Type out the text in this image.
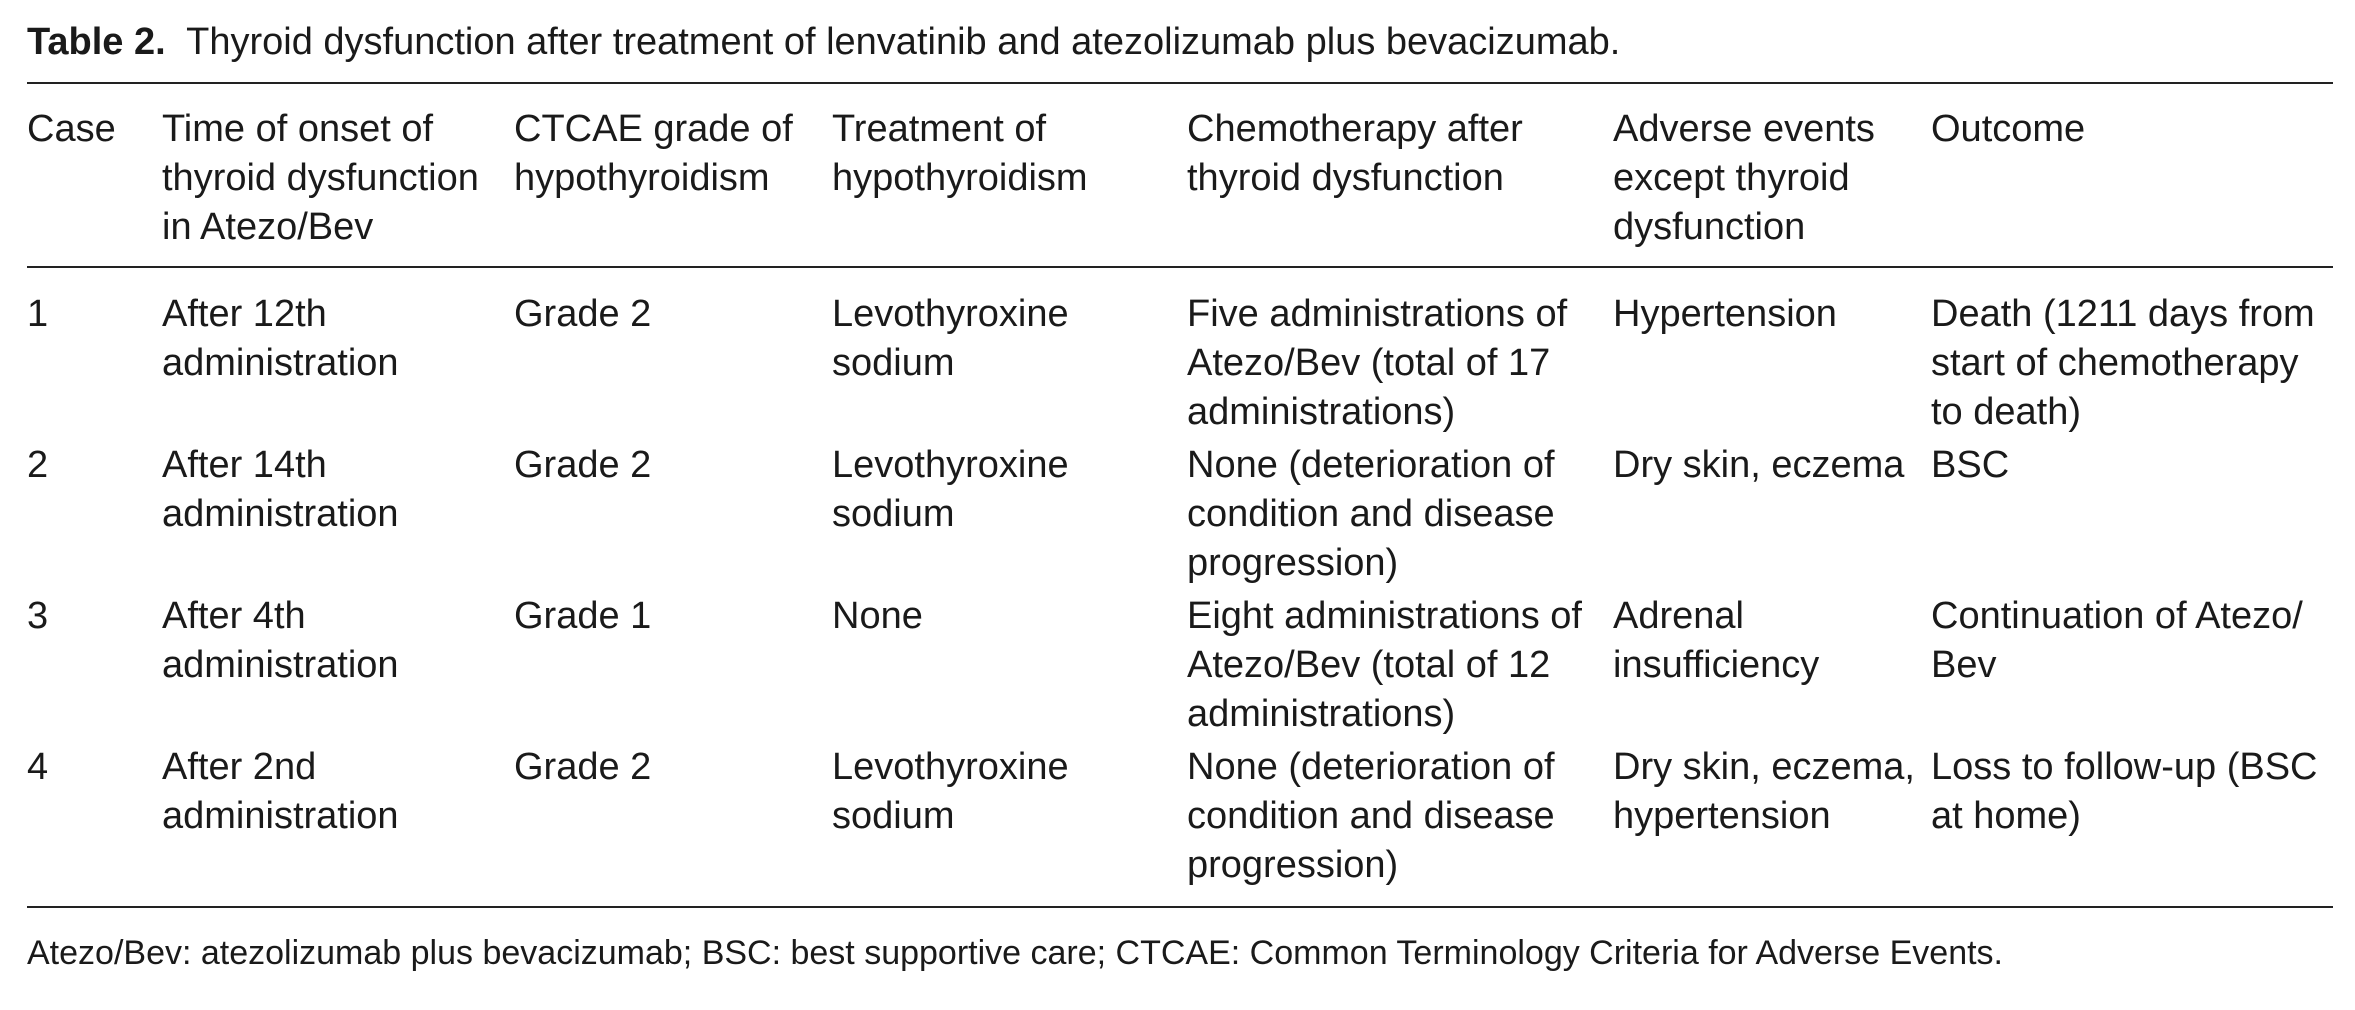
Table 2. Thyroid dysfunction after treatment of lenvatinib and atezolizumab plus bevacizumab.

Case	Time of onset of thyroid dysfunction in Atezo/Bev	CTCAE grade of hypothyroidism	Treatment of hypothyroidism	Chemotherapy after thyroid dysfunction	Adverse events except thyroid dysfunction	Outcome
1	After 12th administration	Grade 2	Levothyroxine sodium	Five administrations of Atezo/Bev (total of 17 administrations)	Hypertension	Death (1211 days from start of chemotherapy to death)
2	After 14th administration	Grade 2	Levothyroxine sodium	None (deterioration of condition and disease progression)	Dry skin, eczema	BSC
3	After 4th administration	Grade 1	None	Eight administrations of Atezo/Bev (total of 12 administrations)	Adrenal insufficiency	Continuation of Atezo/ Bev
4	After 2nd administration	Grade 2	Levothyroxine sodium	None (deterioration of condition and disease progression)	Dry skin, eczema, hypertension	Loss to follow-up (BSC at home)

Atezo/Bev: atezolizumab plus bevacizumab; BSC: best supportive care; CTCAE: Common Terminology Criteria for Adverse Events.
